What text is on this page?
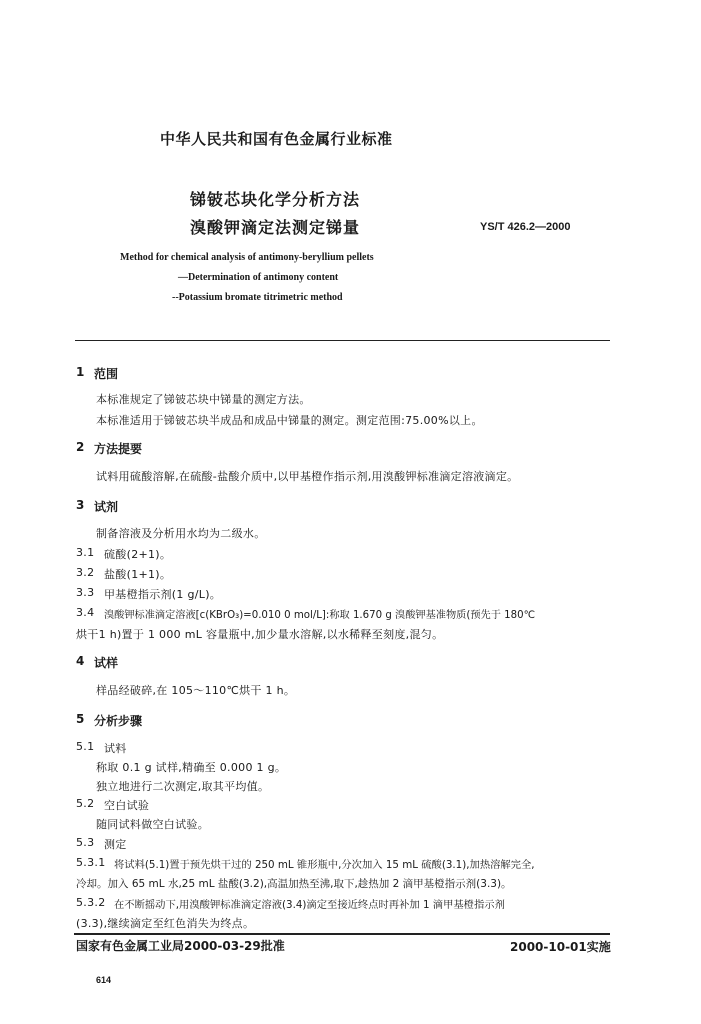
中华人民共和国有色金属行业标准
锑铍芯块化学分析方法
溴酸钾滴定法测定锑量	YS/T 426.2—2000
Method for chemical analysis of antimony-beryllium pellets
—Determination of antimony content
--Potassium bromate titrimetric method
1 范围
本标准规定了锑铍芯块中锑量的测定方法。
本标准适用于锑铍芯块半成品和成品中锑量的测定。测定范围:75.00%以上。
2 方法提要
试料用硫酸溶解,在硫酸-盐酸介质中,以甲基橙作指示剂,用溴酸钾标准滴定溶液滴定。
3 试剂
制备溶液及分析用水均为二级水。
3.1 硫酸(2+1)。
3.2 盐酸(1+1)。
3.3 甲基橙指示剂(1 g/L)。
3.4 溴酸钾标准滴定溶液[c(KBrO₃)=0.010 0 mol/L]:称取 1.670 g 溴酸钾基准物质(预先于 180℃
烘干1 h)置于 1 000 mL 容量瓶中,加少量水溶解,以水稀释至刻度,混匀。
4 试样
样品经破碎,在 105～110℃烘干 1 h。
5 分析步骤
5.1 试料
称取 0.1 g 试样,精确至 0.000 1 g。
独立地进行二次测定,取其平均值。
5.2 空白试验
随同试料做空白试验。
5.3 测定
5.3.1 将试料(5.1)置于预先烘干过的 250 mL 锥形瓶中,分次加入 15 mL 硫酸(3.1),加热溶解完全,
冷却。加入 65 mL 水,25 mL 盐酸(3.2),高温加热至沸,取下,趁热加 2 滴甲基橙指示剂(3.3)。
5.3.2 在不断摇动下,用溴酸钾标准滴定溶液(3.4)滴定至接近终点时再补加 1 滴甲基橙指示剂
(3.3),继续滴定至红色消失为终点。
国家有色金属工业局2000-03-29批准	2000-10-01实施
614
